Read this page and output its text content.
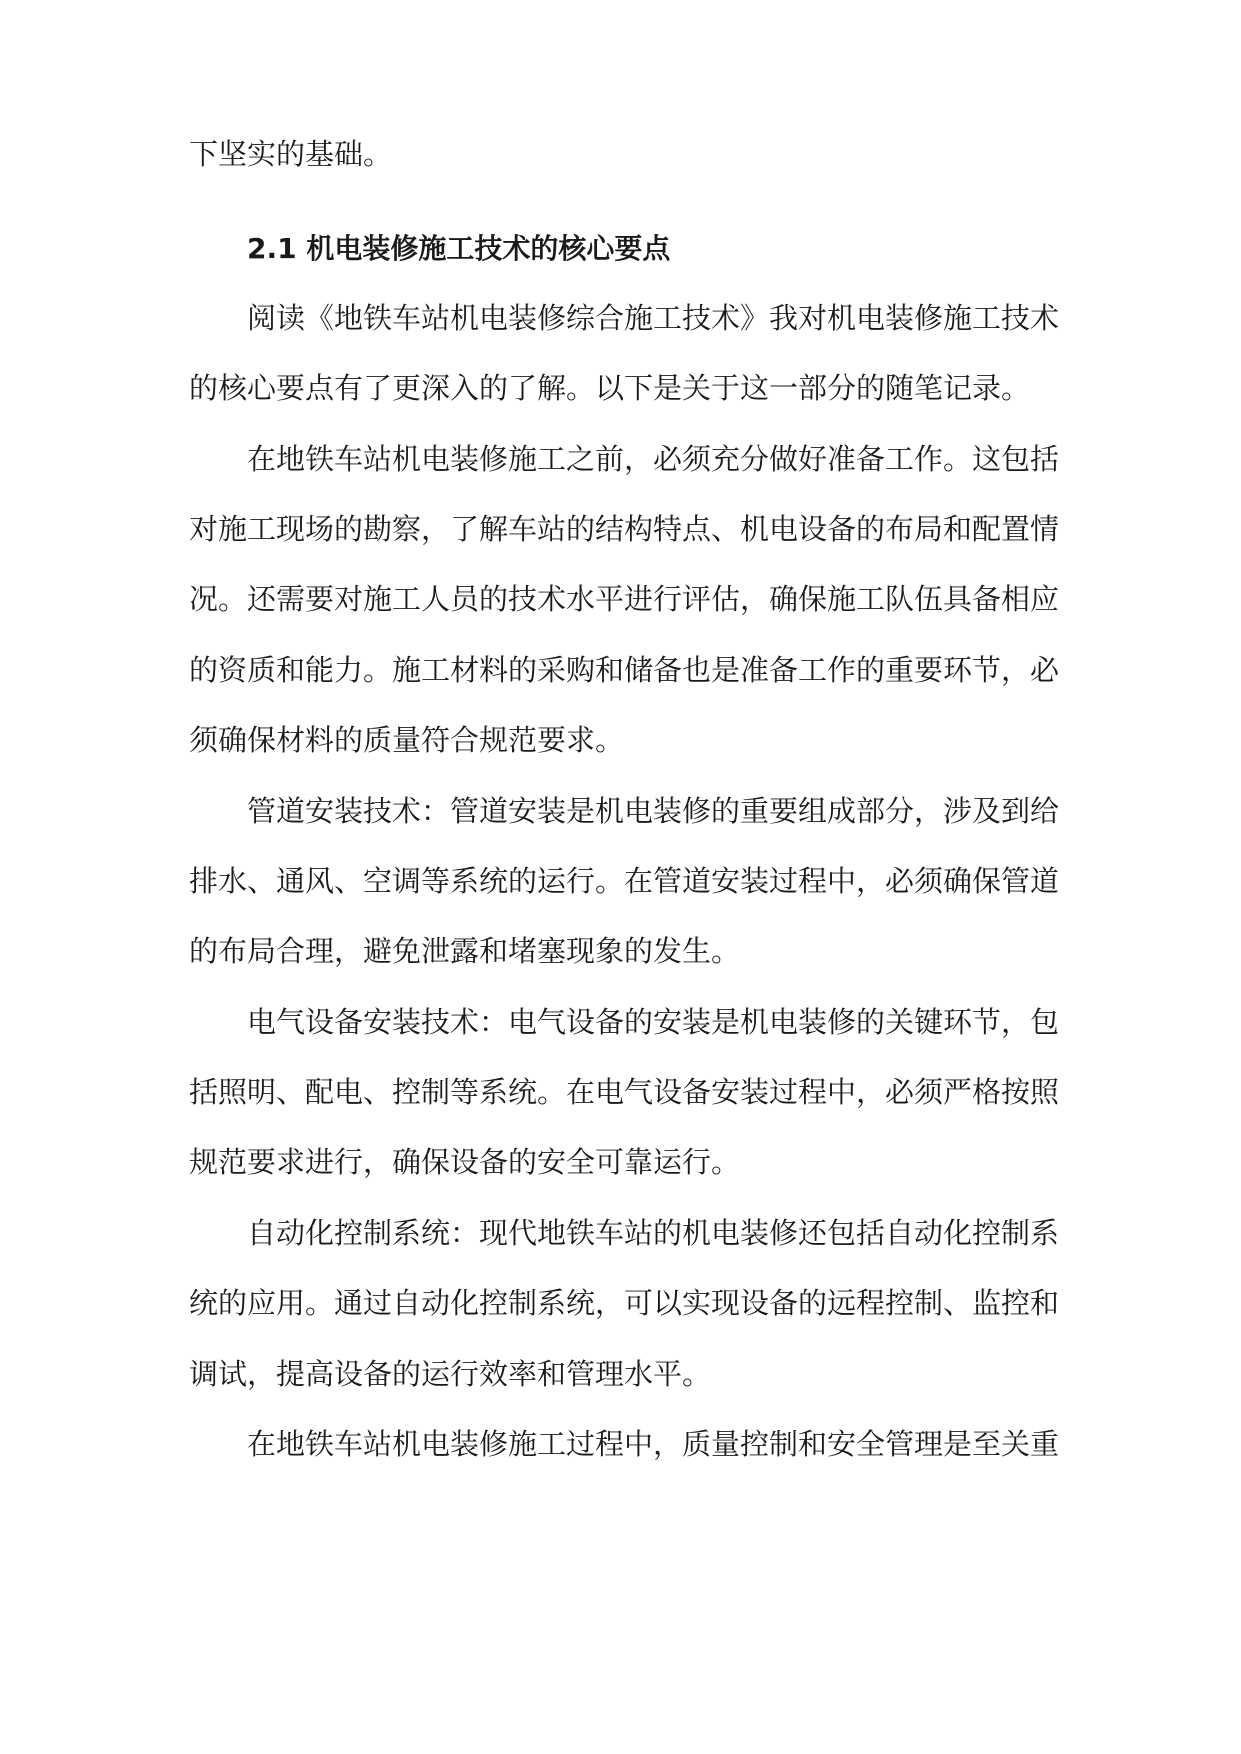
下坚实的基础。
2.1 机电装修施工技术的核心要点
阅读《地铁车站机电装修综合施工技术》我对机电装修施工技术
的核心要点有了更深入的了解。以下是关于这一部分的随笔记录。
在地铁车站机电装修施工之前，必须充分做好准备工作。这包括
对施工现场的勘察，了解车站的结构特点、机电设备的布局和配置情
况。还需要对施工人员的技术水平进行评估，确保施工队伍具备相应
的资质和能力。施工材料的采购和储备也是准备工作的重要环节，必
须确保材料的质量符合规范要求。
管道安装技术：管道安装是机电装修的重要组成部分，涉及到给
排水、通风、空调等系统的运行。在管道安装过程中，必须确保管道
的布局合理，避免泄露和堵塞现象的发生。
电气设备安装技术：电气设备的安装是机电装修的关键环节，包
括照明、配电、控制等系统。在电气设备安装过程中，必须严格按照
规范要求进行，确保设备的安全可靠运行。
自动化控制系统：现代地铁车站的机电装修还包括自动化控制系
统的应用。通过自动化控制系统，可以实现设备的远程控制、监控和
调试，提高设备的运行效率和管理水平。
在地铁车站机电装修施工过程中，质量控制和安全管理是至关重
